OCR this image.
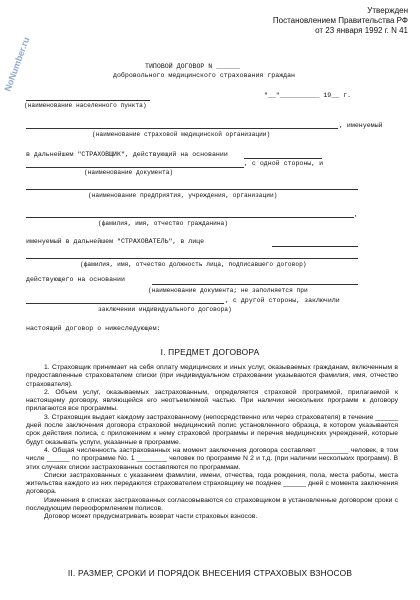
NoNumber.ru
Утвержден
Постановлением Правительства РФ
от 23 января 1992 г. N 41
ТИПОВОЙ ДОГОВОР N ______
добровольного медицинского страхования граждан
"__"__________ 19__ г.
(наименование населенного пункта)
, именуемый
(наименование страховой медицинской организации)
в дальнейшем "СТРАХОВЩИК", действующий на основании
, с одной стороны, и
(наименование документа)
(наименование предприятия, учреждения, организации)
,
(фамилия, имя, отчество гражданина)
именуемый в дальнейшем "СТРАХОВАТЕЛЬ", в лице
(фамилия, имя, отчество должность лица, подписавшего договор)
действующего на основании
(наименование документа; не заполняется при
, с другой стороны, заключили
заключении индивидуального договора)
настоящий договор о нижеследующем:
I. ПРЕДМЕТ ДОГОВОРА

1. Страховщик принимает на себя оплату медицинских и иных услуг, оказываемых гражданам, включенным в предоставленные страхователем списки (при индивидуальном страховании указываются фамилия, имя, отчество страхователя).

2. Объем услуг, оказываемых застрахованным, определяется страховой программой, прилагаемой к настоящему договору, являющейся его неотъемлемой частью. При наличии нескольких программ к договору прилагаются все программы.

3. Страховщик выдает каждому застрахованному (непосредственно или через страхователя) в течение ______ дней после заключения договора страховой медицинский полис установленного образца, в котором указывается срок действия полиса, с приложением к нему страховой программы и перечня медицинских учреждений, которые будут оказывать услуги, указанные в программе.

4. Общая численность застрахованных на момент заключения договора составляет ________ человек, в том числе ______ по программе No. 1 ________ человек по программе N 2 и т.д. (при наличии нескольких программ). В этих случаях списки застрахованных составляются по программам.

Списки застрахованных с указанием фамилии, имени, отчества, года рождения, пола, места работы, места жительства каждого из них передаются страхователем страховщику не позднее ______ дней с момента заключения договора.

Изменения в списках застрахованных согласовываются со страховщиком в установленные договором сроки с последующим переоформлением полисов.

Договор может предусматривать возврат части страховых взносов.

II. РАЗМЕР, СРОКИ И ПОРЯДОК ВНЕСЕНИЯ СТРАХОВЫХ ВЗНОСОВ
